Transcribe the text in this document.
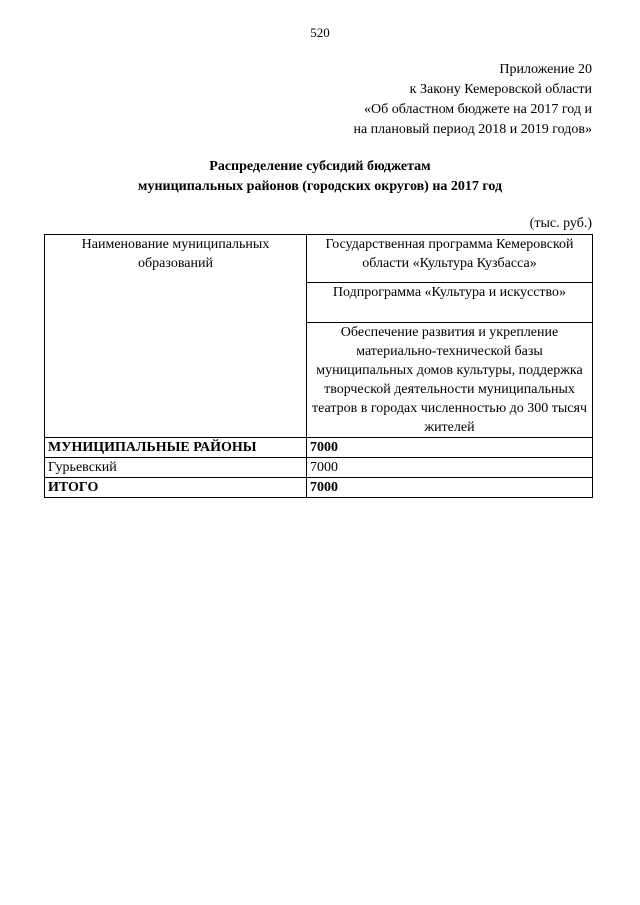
520
Приложение 20
к Закону Кемеровской области
«Об областном бюджете на 2017 год и
на плановый период 2018 и 2019 годов»
Распределение субсидий бюджетам
муниципальных районов (городских округов) на 2017 год
(тыс. руб.)
Наименование муниципальных образований	Государственная программа Кемеровской области «Культура Кузбасса»
	Подпрограмма «Культура и искусство»
	Обеспечение развития и укрепление материально-технической базы муниципальных домов культуры, поддержка творческой деятельности муниципальных театров в городах численностью до 300 тысяч жителей
МУНИЦИПАЛЬНЫЕ РАЙОНЫ	7000
Гурьевский	7000
ИТОГО	7000
